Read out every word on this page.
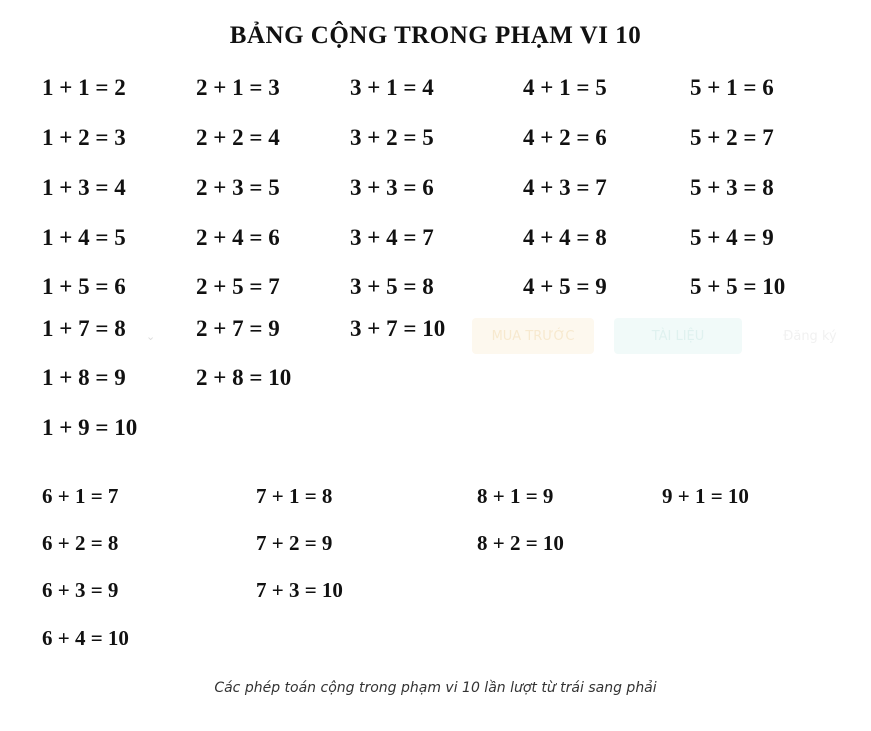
BẢNG CỘNG TRONG PHẠM VI 10
⌄	MUA TRƯỚC	TÀI LIỆU	Đăng ký
1 + 1 = 2	2 + 1 = 3	3 + 1 = 4	4 + 1 = 5	5 + 1 = 6
1 + 2 = 3	2 + 2 = 4	3 + 2 = 5	4 + 2 = 6	5 + 2 = 7
1 + 3 = 4	2 + 3 = 5	3 + 3 = 6	4 + 3 = 7	5 + 3 = 8
1 + 4 = 5	2 + 4 = 6	3 + 4 = 7	4 + 4 = 8	5 + 4 = 9
1 + 5 = 6	2 + 5 = 7	3 + 5 = 8	4 + 5 = 9	5 + 5 = 10
1 + 7 = 8	2 + 7 = 9	3 + 7 = 10
1 + 8 = 9	2 + 8 = 10
1 + 9 = 10
6 + 1 = 7	7 + 1 = 8	8 + 1 = 9	9 + 1 = 10
6 + 2 = 8	7 + 2 = 9	8 + 2 = 10
6 + 3 = 9	7 + 3 = 10
6 + 4 = 10
Các phép toán cộng trong phạm vi 10 lần lượt từ trái sang phải
